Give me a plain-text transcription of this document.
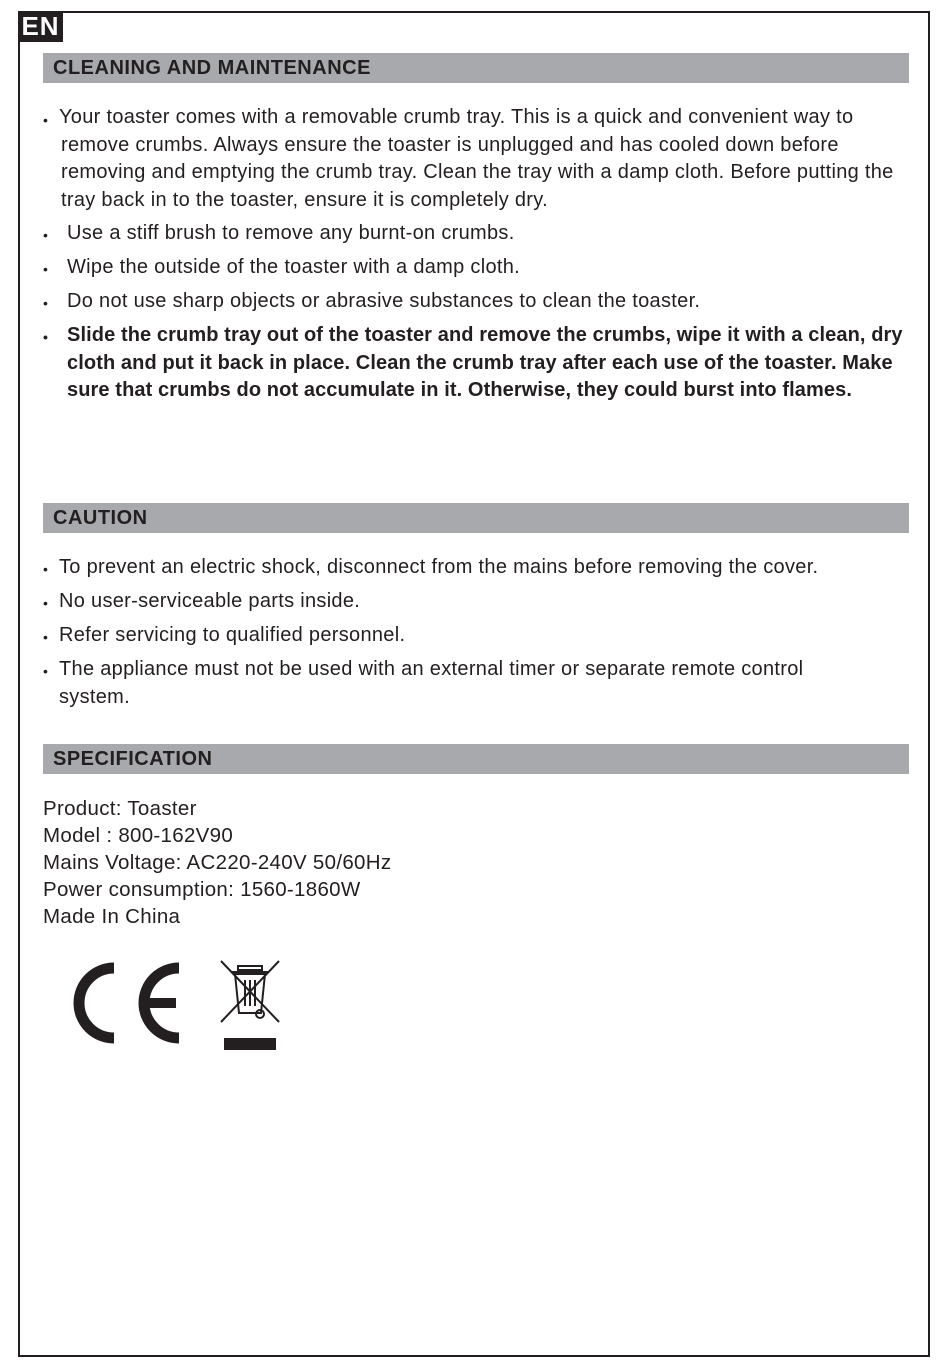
EN
CLEANING AND MAINTENANCE
• Your toaster comes with a removable crumb tray. This is a quick and convenient way to remove crumbs. Always ensure the toaster is unplugged and has cooled down before removing and emptying the crumb tray. Clean the tray with a damp cloth. Before putting the tray back in to the toaster, ensure it is completely dry.
• Use a stiff brush to remove any burnt-on crumbs.
• Wipe the outside of the toaster with a damp cloth.
• Do not use sharp objects or abrasive substances to clean the toaster.
• Slide the crumb tray out of the toaster and remove the crumbs, wipe it with a clean, dry cloth and put it back in place. Clean the crumb tray after each use of the toaster. Make sure that crumbs do not accumulate in it. Otherwise, they could burst into flames.
CAUTION
• To prevent an electric shock, disconnect from the mains before removing the cover.
• No user-serviceable parts inside.
• Refer servicing to qualified personnel.
• The appliance must not be used with an external timer or separate remote control system.
SPECIFICATION
Product: Toaster
Model : 800-162V90
Mains Voltage: AC220-240V 50/60Hz
Power consumption: 1560-1860W
Made In China
